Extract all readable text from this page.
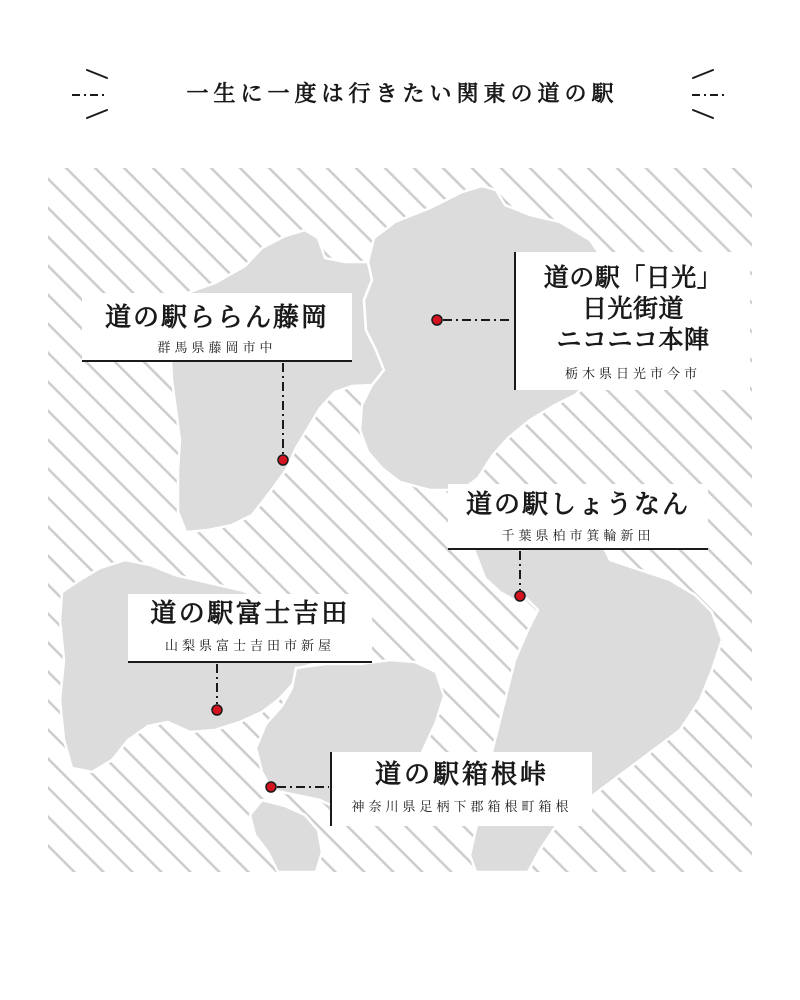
一生に一度は行きたい関東の道の駅
道の駅ららん藤岡
群馬県藤岡市中
道の駅「日光」
日光街道
ニコニコ本陣
栃木県日光市今市
道の駅しょうなん
千葉県柏市箕輪新田
道の駅富士吉田
山梨県富士吉田市新屋
道の駅箱根峠
神奈川県足柄下郡箱根町箱根
